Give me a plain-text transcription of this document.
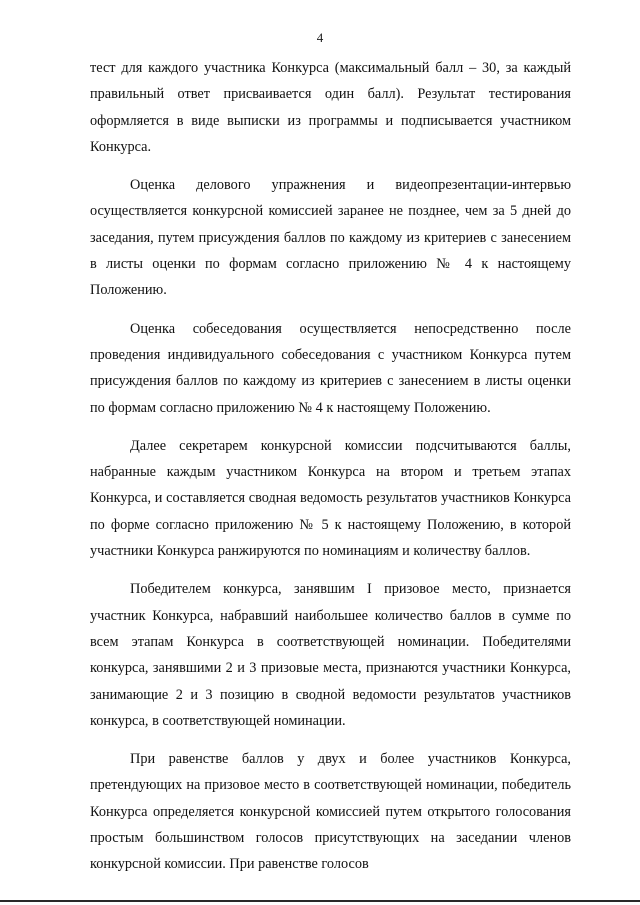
4

тест для каждого участника Конкурса (максимальный балл – 30, за каждый правильный ответ присваивается один балл). Результат тестирования оформляется в виде выписки из программы и подписывается участником Конкурса.

Оценка делового упражнения и видеопрезентации-интервью осуществляется конкурсной комиссией заранее не позднее, чем за 5 дней до заседания, путем присуждения баллов по каждому из критериев с занесением в листы оценки по формам согласно приложению № 4 к настоящему Положению.

Оценка собеседования осуществляется непосредственно после проведения индивидуального собеседования с участником Конкурса путем присуждения баллов по каждому из критериев с занесением в листы оценки по формам согласно приложению № 4 к настоящему Положению.

Далее секретарем конкурсной комиссии подсчитываются баллы, набранные каждым участником Конкурса на втором и третьем этапах Конкурса, и составляется сводная ведомость результатов участников Конкурса по форме согласно приложению № 5 к настоящему Положению, в которой участники Конкурса ранжируются по номинациям и количеству баллов.

Победителем конкурса, занявшим I призовое место, признается участник Конкурса, набравший наибольшее количество баллов в сумме по всем этапам Конкурса в соответствующей номинации. Победителями конкурса, занявшими 2 и 3 призовые места, признаются участники Конкурса, занимающие 2 и 3 позицию в сводной ведомости результатов участников конкурса, в соответствующей номинации.

При равенстве баллов у двух и более участников Конкурса, претендующих на призовое место в соответствующей номинации, победитель Конкурса определяется конкурсной комиссией путем открытого голосования простым большинством голосов присутствующих на заседании членов конкурсной комиссии. При равенстве голосов
